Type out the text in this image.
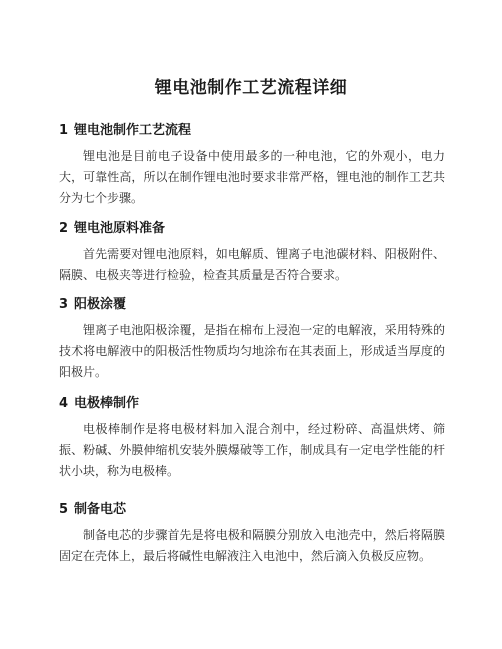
锂电池制作工艺流程详细
1 锂电池制作工艺流程

锂电池是目前电子设备中使用最多的一种电池，它的外观小，电力大，可靠性高，所以在制作锂电池时要求非常严格，锂电池的制作工艺共分为七个步骤。

2 锂电池原料准备

首先需要对锂电池原料，如电解质、锂离子电池碳材料、阳极附件、隔膜、电极夹等进行检验，检查其质量是否符合要求。

3 阳极涂覆

锂离子电池阳极涂覆，是指在棉布上浸泡一定的电解液，采用特殊的技术将电解液中的阳极活性物质均匀地涂布在其表面上，形成适当厚度的阳极片。

4 电极棒制作

电极棒制作是将电极材料加入混合剂中，经过粉碎、高温烘烤、筛振、粉碱、外膜伸缩机安装外膜爆破等工作，制成具有一定电学性能的杆状小块，称为电极棒。

5 制备电芯

制备电芯的步骤首先是将电极和隔膜分别放入电池壳中，然后将隔膜固定在壳体上，最后将碱性电解液注入电池中，然后滴入负极反应物。
